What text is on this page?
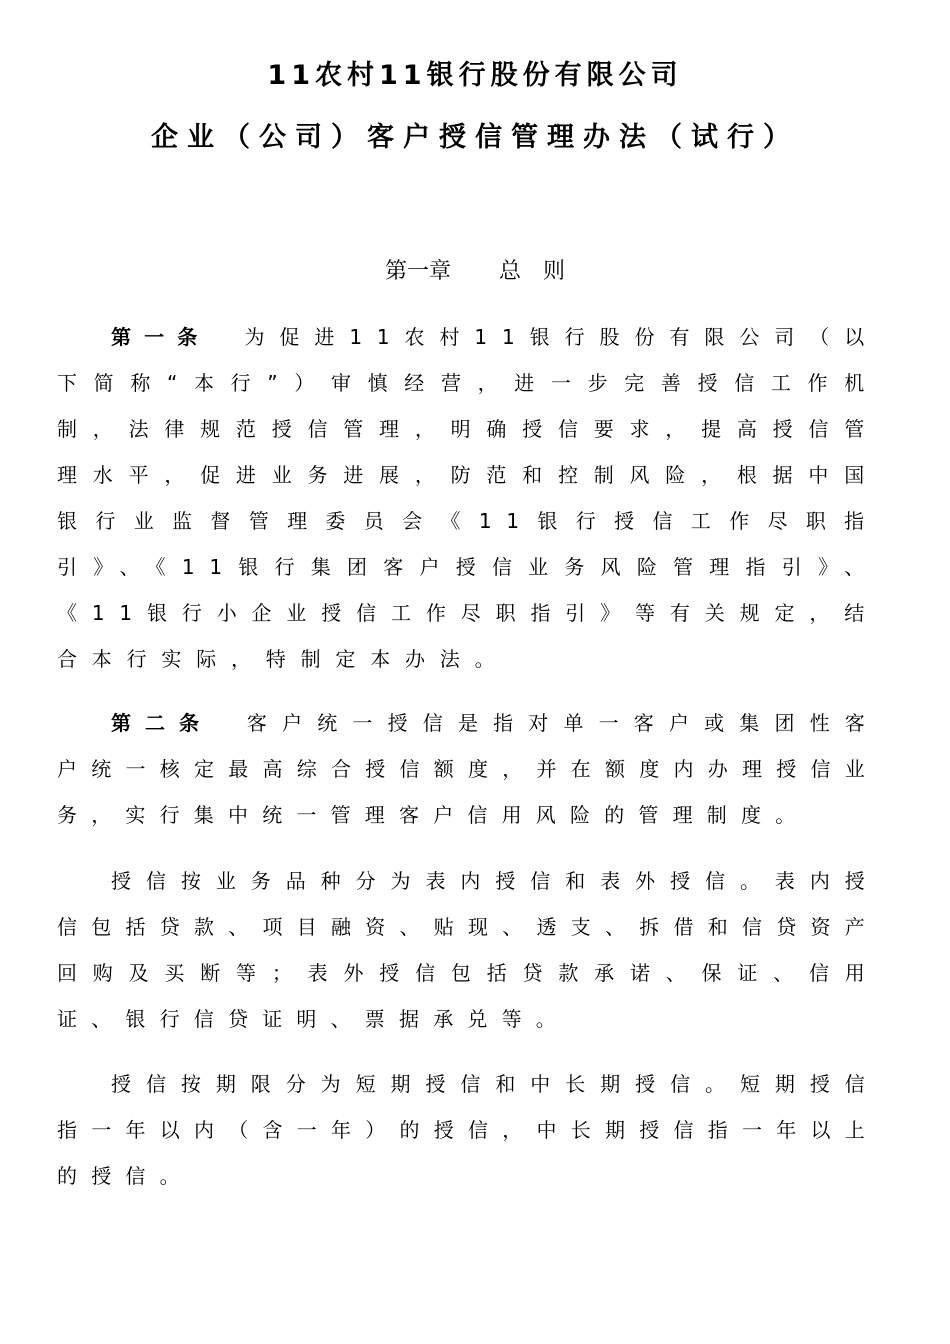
11农村11银行股份有限公司
企业（公司）客户授信管理办法（试行）
第一章 总　则

第一条 为促进11农村11银行股份有限公司（以下简称“本行”）审慎经营，进一步完善授信工作机制，法律规范授信管理，明确授信要求，提高授信管理水平，促进业务进展，防范和控制风险，根据中国银行业监督管理委员会《11银行授信工作尽职指引》、《11银行集团客户授信业务风险管理指引》、《11银行小企业授信工作尽职指引》等有关规定，结合本行实际，特制定本办法。

第二条 客户统一授信是指对单一客户或集团性客户统一核定最高综合授信额度，并在额度内办理授信业务，实行集中统一管理客户信用风险的管理制度。

授信按业务品种分为表内授信和表外授信。表内授信包括贷款、项目融资、贴现、透支、拆借和信贷资产回购及买断等；表外授信包括贷款承诺、保证、信用证、银行信贷证明、票据承兑等。

授信按期限分为短期授信和中长期授信。短期授信指一年以内（含一年）的授信，中长期授信指一年以上的授信。
